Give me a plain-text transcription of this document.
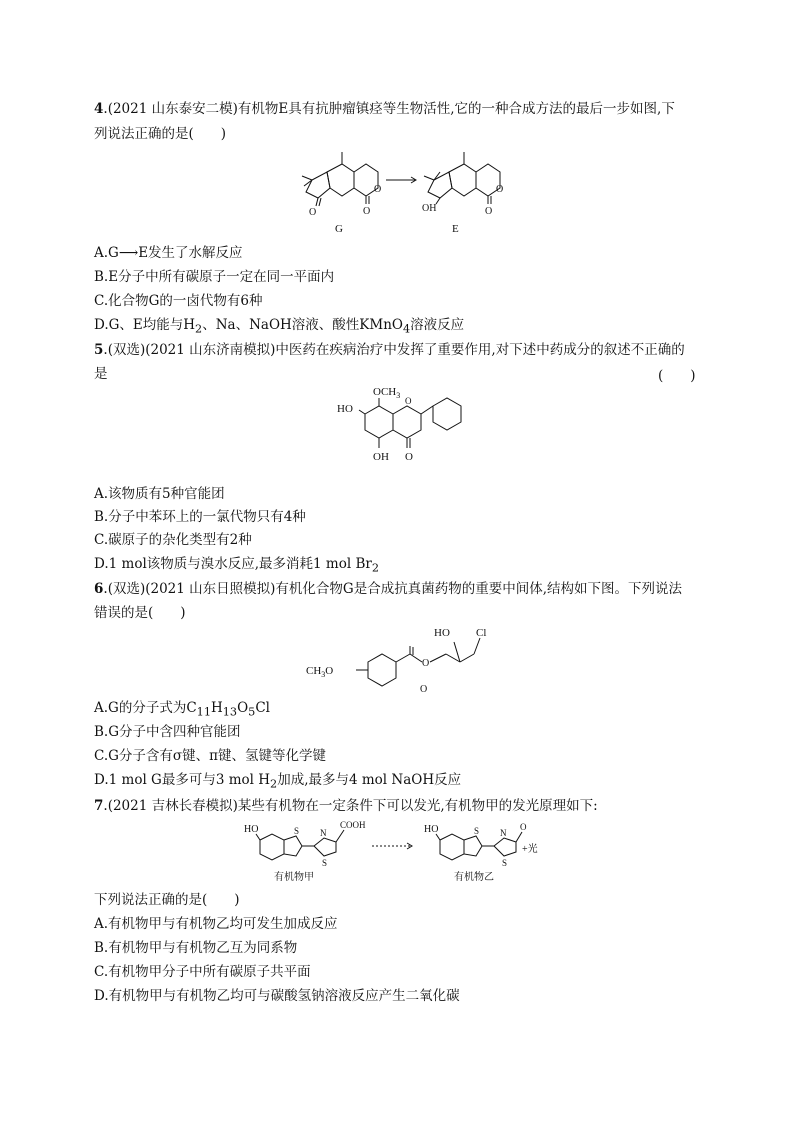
4.(2021 山东泰安二模)有机物E具有抗肿瘤镇痉等生物活性,它的一种合成方法的最后一步如图,下
列说法正确的是(　　)
O	O
O
OH	O
O
G	E
A.G⟶E发生了水解反应
B.E分子中所有碳原子一定在同一平面内
C.化合物G的一卤代物有6种
D.G、E均能与$H_2$、Na、NaOH溶液、酸性KMnO$_4$溶液反应
5.(双选)(2021 山东济南模拟)中医药在疾病治疗中发挥了重要作用,对下述中药成分的叙述不正确的
是	(　　)
O
$OCH_3$
HO
OH O
A.该物质有5种官能团
B.分子中苯环上的一氯代物只有4种
C.碳原子的杂化类型有2种
D.1 mol该物质与溴水反应,最多消耗1 mol $Br_2$
6.(双选)(2021 山东日照模拟)有机化合物G是合成抗真菌药物的重要中间体,结构如下图。下列说法
错误的是(　　)
$CH_3O$
O
O
HO Cl
A.G的分子式为$C_{11}H_{13}O_5Cl$
B.G分子中含四种官能团
C.G分子含有σ键、π键、氢键等化学键
D.1 mol G最多可与3 mol $H_2$加成,最多与4 mol NaOH反应
7.(2021 吉林长春模拟)某些有机物在一定条件下可以发光,有机物甲的发光原理如下:
HO	S N
S
COOH	HO	S N
S
O
+光
有机物甲	有机物乙
下列说法正确的是(　　)
A.有机物甲与有机物乙均可发生加成反应
B.有机物甲与有机物乙互为同系物
C.有机物甲分子中所有碳原子共平面
D.有机物甲与有机物乙均可与碳酸氢钠溶液反应产生二氧化碳
